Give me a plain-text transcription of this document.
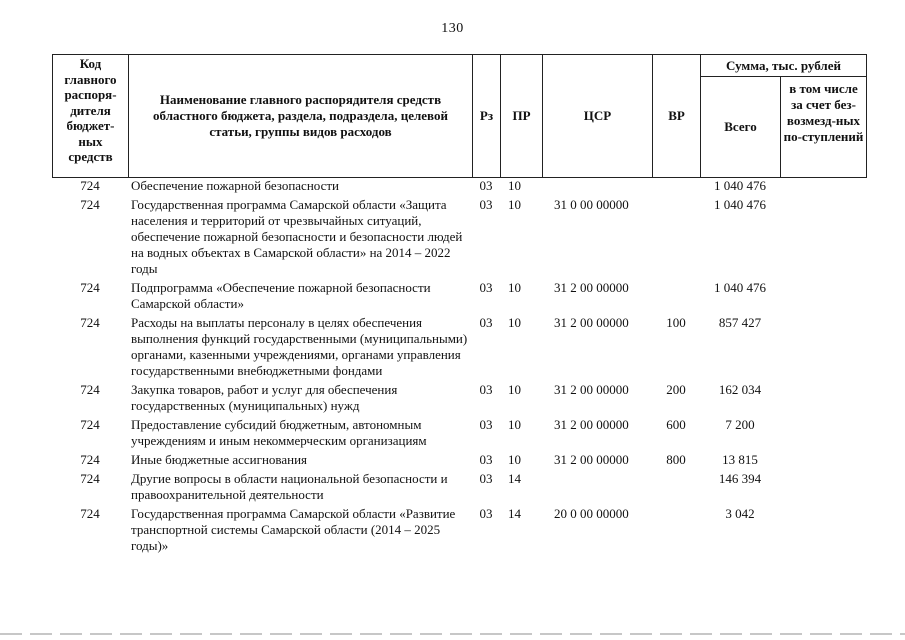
130
Код главного распоря-дителя бюджет-ных средств	Наименование главного распорядителя средств областного бюджета, раздела, подраздела, целевой статьи, группы видов расходов	Рз	ПР	ЦСР	ВР	Сумма, тыс. рублей	
						Всего	в том числе за счет без-возмезд-ных по-ступлений
724	Обеспечение пожарной безопасности	03	10			1 040 476	
724	Государственная программа Самарской области «Защита населения и территорий от чрезвычайных ситуаций, обеспечение пожарной безопасности и безопасности людей на водных объектах в Самарской области» на 2014 – 2022 годы	03	10	31 0 00 00000		1 040 476	
724	Подпрограмма «Обеспечение пожарной безопасности Самарской области»	03	10	31 2 00 00000		1 040 476	
724	Расходы на выплаты персоналу в целях обеспечения выполнения функций государственными (муниципальными) органами, казенными учреждениями, органами управления государственными внебюджетными фондами	03	10	31 2 00 00000	100	857 427	
724	Закупка товаров, работ и услуг для обеспечения государственных (муниципальных) нужд	03	10	31 2 00 00000	200	162 034	
724	Предоставление субсидий бюджетным, автономным учреждениям и иным некоммерческим организациям	03	10	31 2 00 00000	600	7 200	
724	Иные бюджетные ассигнования	03	10	31 2 00 00000	800	13 815	
724	Другие вопросы в области национальной безопасности и правоохранительной деятельности	03	14			146 394	
724	Государственная программа Самарской области «Развитие транспортной системы Самарской области (2014 – 2025 годы)»	03	14	20 0 00 00000		3 042	
